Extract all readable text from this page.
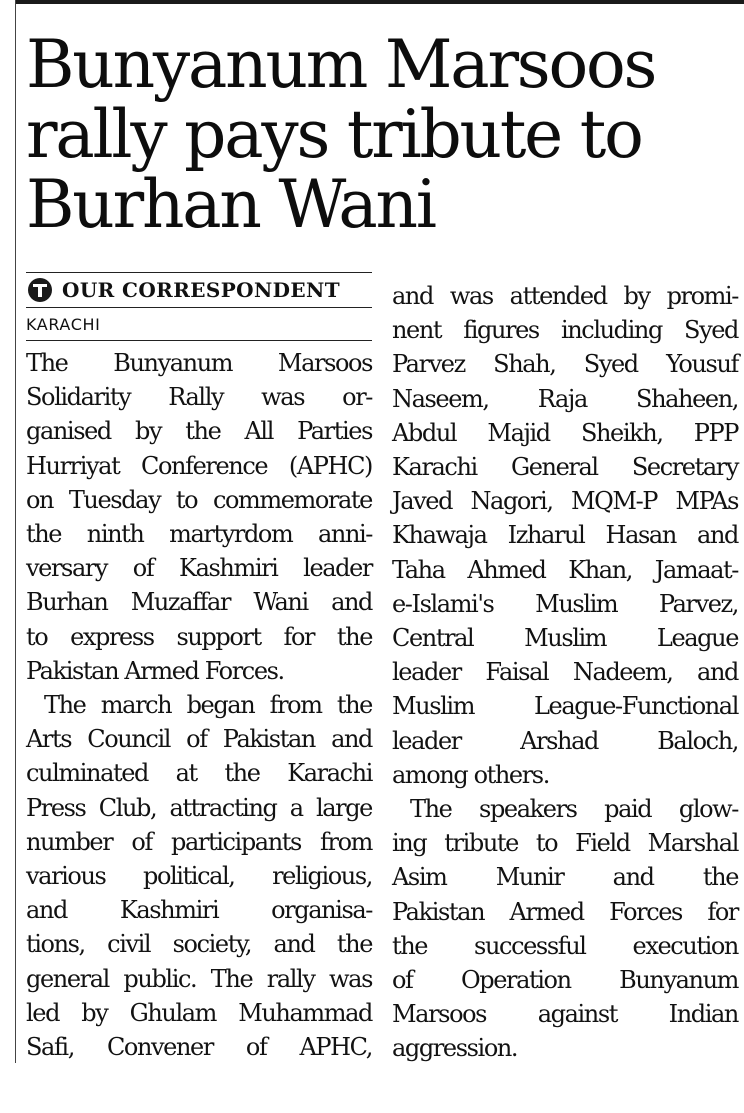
Bunyanum Marsoos
rally pays tribute to
Burhan Wani
OUR CORRESPONDENT
KARACHI

The Bunyanum Marsoos
Solidarity Rally was or-
ganised by the All Parties
Hurriyat Conference (APHC)
on Tuesday to commemorate
the ninth martyrdom anni-
versary of Kashmiri leader
Burhan Muzaffar Wani and
to express support for the
Pakistan Armed Forces.

The march began from the
Arts Council of Pakistan and
culminated at the Karachi
Press Club, attracting a large
number of participants from
various political, religious,
and Kashmiri organisa-
tions, civil society, and the
general public. The rally was
led by Ghulam Muhammad
Safi, Convener of APHC,

and was attended by promi-
nent figures including Syed
Parvez Shah, Syed Yousuf
Naseem, Raja Shaheen,
Abdul Majid Sheikh, PPP
Karachi General Secretary
Javed Nagori, MQM-P MPAs
Khawaja Izharul Hasan and
Taha Ahmed Khan, Jamaat-
e-Islami's Muslim Parvez,
Central Muslim League
leader Faisal Nadeem, and
Muslim League-Functional
leader Arshad Baloch,
among others.

The speakers paid glow-
ing tribute to Field Marshal
Asim Munir and the
Pakistan Armed Forces for
the successful execution
of Operation Bunyanum
Marsoos against Indian
aggression.
